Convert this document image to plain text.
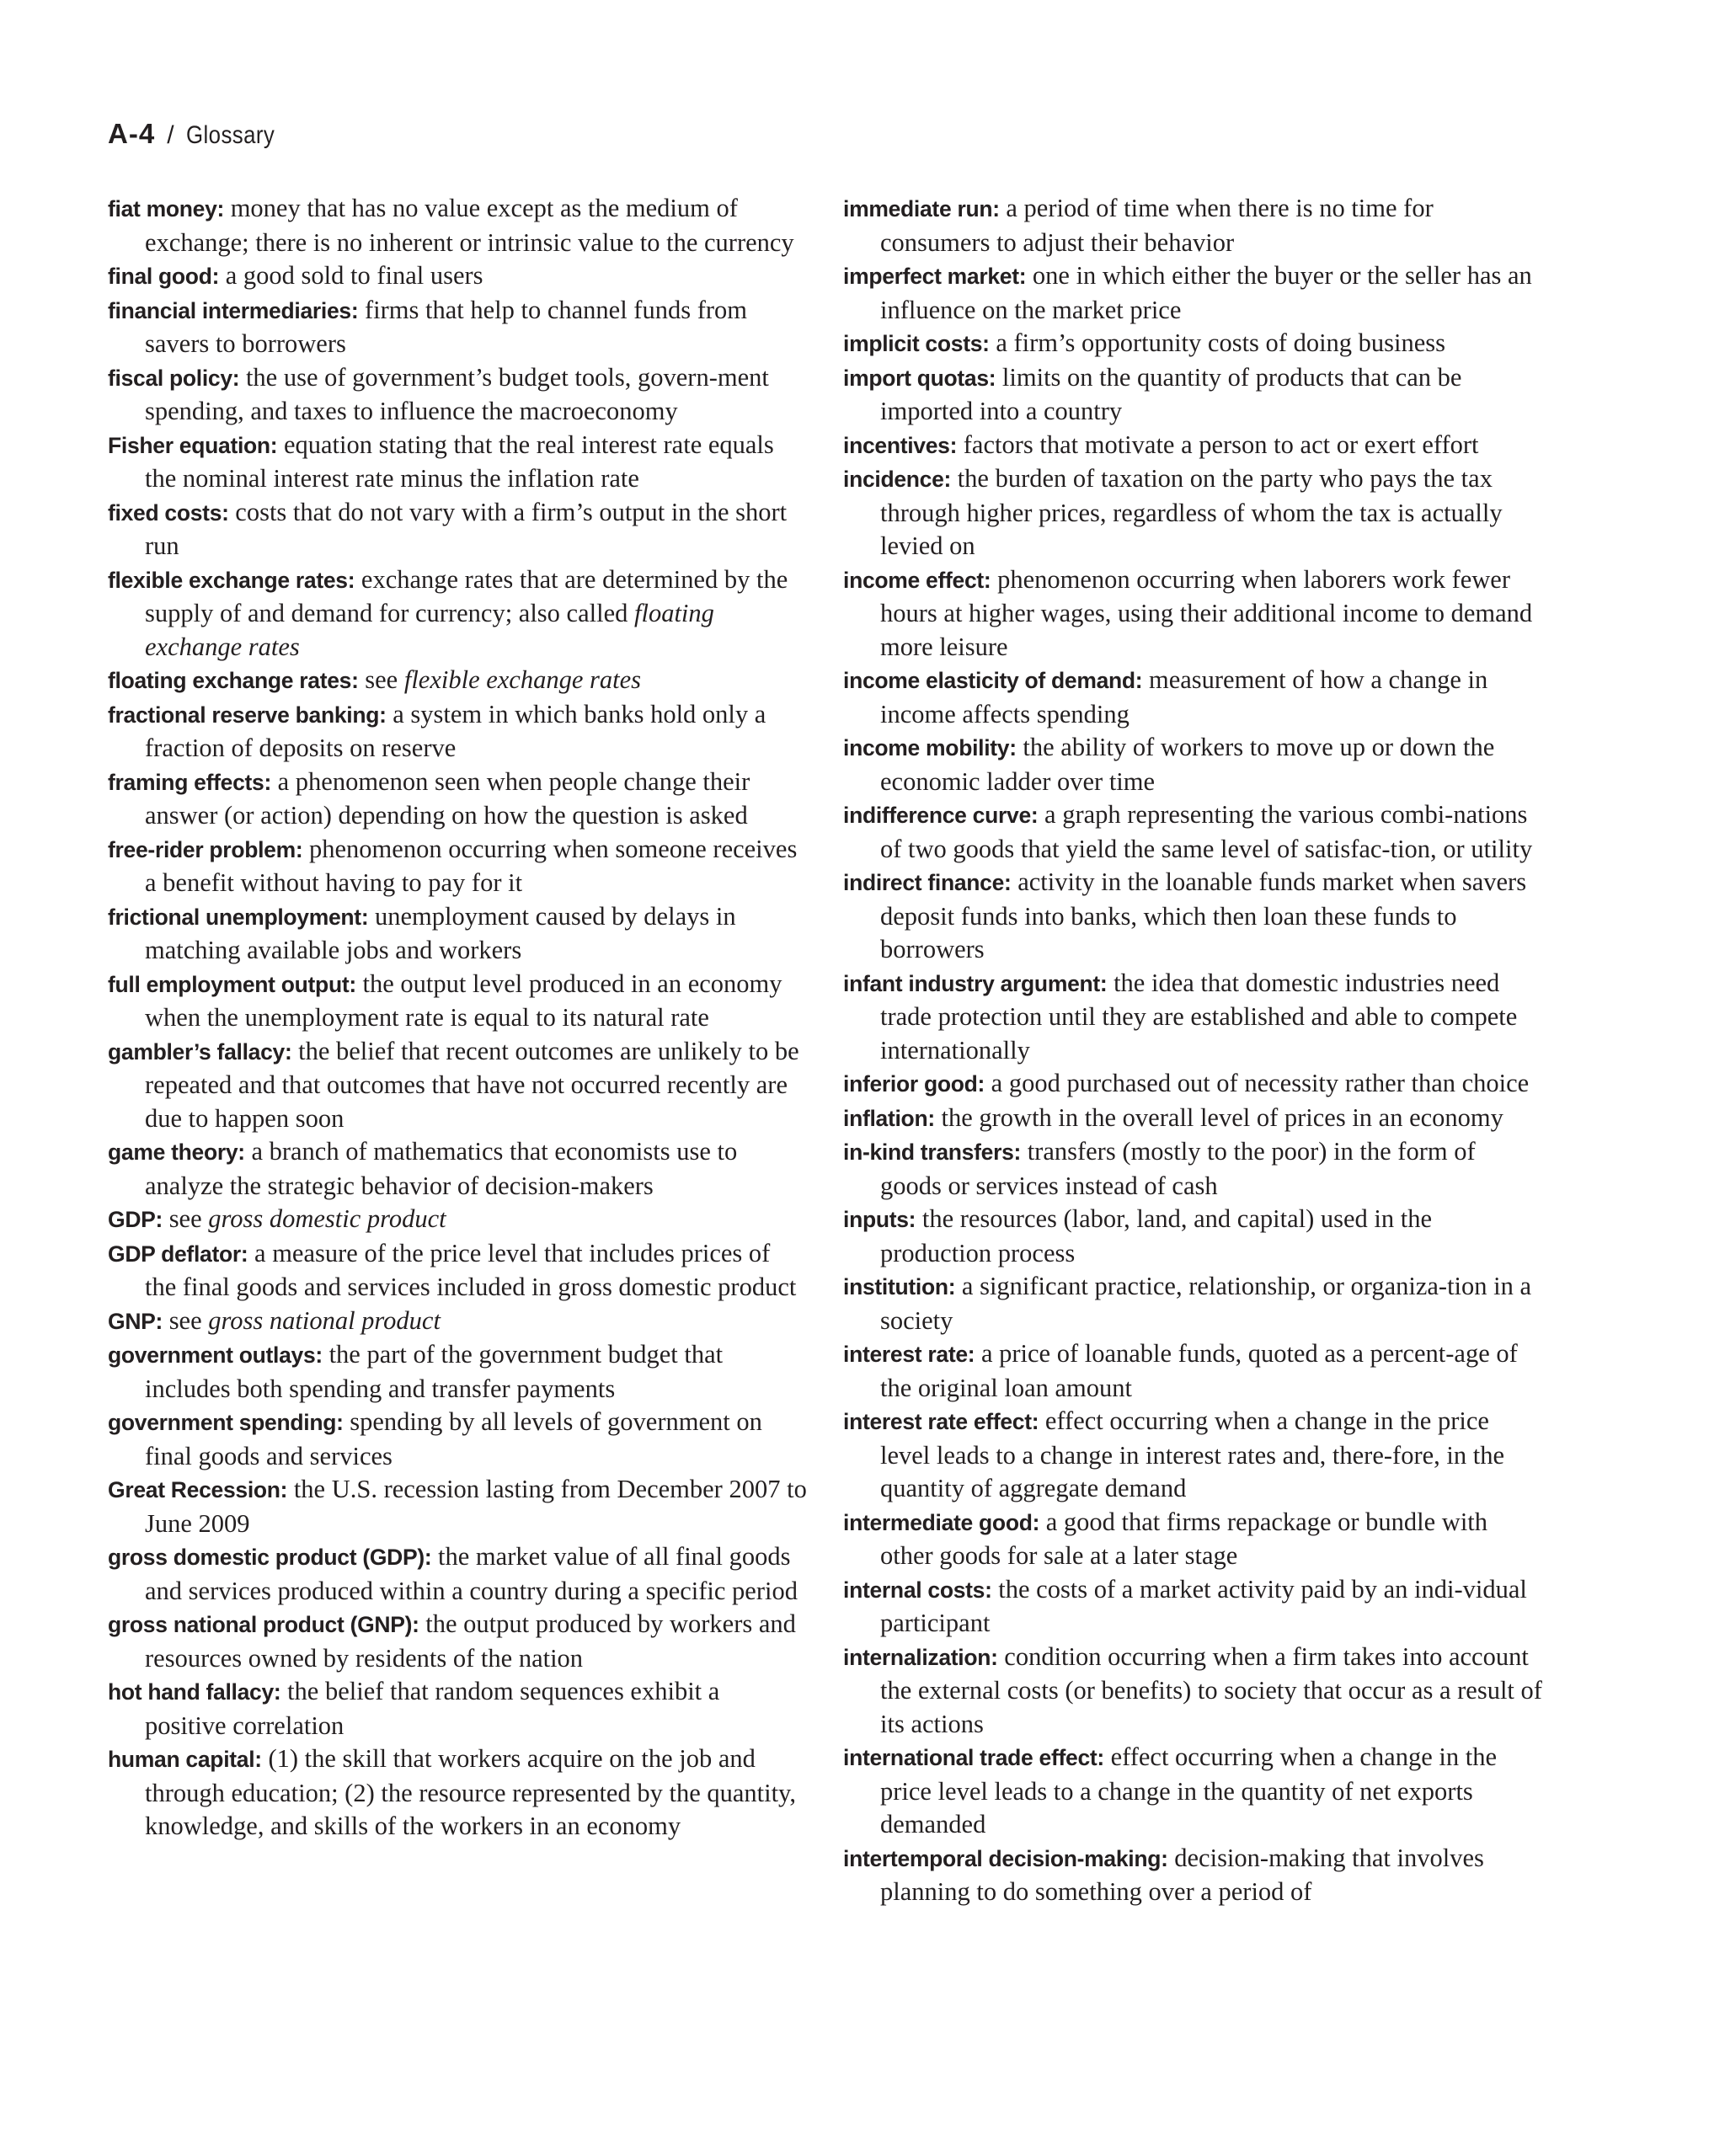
A-4 / Glossary

fiat money: money that has no value except as the medium of exchange; there is no inherent or intrinsic value to the currency

final good: a good sold to final users

financial intermediaries: firms that help to channel funds from savers to borrowers

fiscal policy: the use of government’s budget tools, govern-ment spending, and taxes to influence the macroeconomy

Fisher equation: equation stating that the real interest rate equals the nominal interest rate minus the inflation rate

fixed costs: costs that do not vary with a firm’s output in the short run

flexible exchange rates: exchange rates that are determined by the supply of and demand for currency; also called floating exchange rates

floating exchange rates: see flexible exchange rates

fractional reserve banking: a system in which banks hold only a fraction of deposits on reserve

framing effects: a phenomenon seen when people change their answer (or action) depending on how the question is asked

free-rider problem: phenomenon occurring when someone receives a benefit without having to pay for it

frictional unemployment: unemployment caused by delays in matching available jobs and workers

full employment output: the output level produced in an economy when the unemployment rate is equal to its natural rate

gambler’s fallacy: the belief that recent outcomes are unlikely to be repeated and that outcomes that have not occurred recently are due to happen soon

game theory: a branch of mathematics that economists use to analyze the strategic behavior of decision-makers

GDP: see gross domestic product

GDP deflator: a measure of the price level that includes prices of the final goods and services included in gross domestic product

GNP: see gross national product

government outlays: the part of the government budget that includes both spending and transfer payments

government spending: spending by all levels of government on final goods and services

Great Recession: the U.S. recession lasting from December 2007 to June 2009

gross domestic product (GDP): the market value of all final goods and services produced within a country during a specific period

gross national product (GNP): the output produced by workers and resources owned by residents of the nation

hot hand fallacy: the belief that random sequences exhibit a positive correlation

human capital: (1) the skill that workers acquire on the job and through education; (2) the resource represented by the quantity, knowledge, and skills of the workers in an economy

immediate run: a period of time when there is no time for consumers to adjust their behavior

imperfect market: one in which either the buyer or the seller has an influence on the market price

implicit costs: a firm’s opportunity costs of doing business

import quotas: limits on the quantity of products that can be imported into a country

incentives: factors that motivate a person to act or exert effort

incidence: the burden of taxation on the party who pays the tax through higher prices, regardless of whom the tax is actually levied on

income effect: phenomenon occurring when laborers work fewer hours at higher wages, using their additional income to demand more leisure

income elasticity of demand: measurement of how a change in income affects spending

income mobility: the ability of workers to move up or down the economic ladder over time

indifference curve: a graph representing the various combi-nations of two goods that yield the same level of satisfac-tion, or utility

indirect finance: activity in the loanable funds market when savers deposit funds into banks, which then loan these funds to borrowers

infant industry argument: the idea that domestic industries need trade protection until they are established and able to compete internationally

inferior good: a good purchased out of necessity rather than choice

inflation: the growth in the overall level of prices in an economy

in-kind transfers: transfers (mostly to the poor) in the form of goods or services instead of cash

inputs: the resources (labor, land, and capital) used in the production process

institution: a significant practice, relationship, or organiza-tion in a society

interest rate: a price of loanable funds, quoted as a percent-age of the original loan amount

interest rate effect: effect occurring when a change in the price level leads to a change in interest rates and, there-fore, in the quantity of aggregate demand

intermediate good: a good that firms repackage or bundle with other goods for sale at a later stage

internal costs: the costs of a market activity paid by an indi-vidual participant

internalization: condition occurring when a firm takes into account the external costs (or benefits) to society that occur as a result of its actions

international trade effect: effect occurring when a change in the price level leads to a change in the quantity of net exports demanded

intertemporal decision-making: decision-making that involves planning to do something over a period of
